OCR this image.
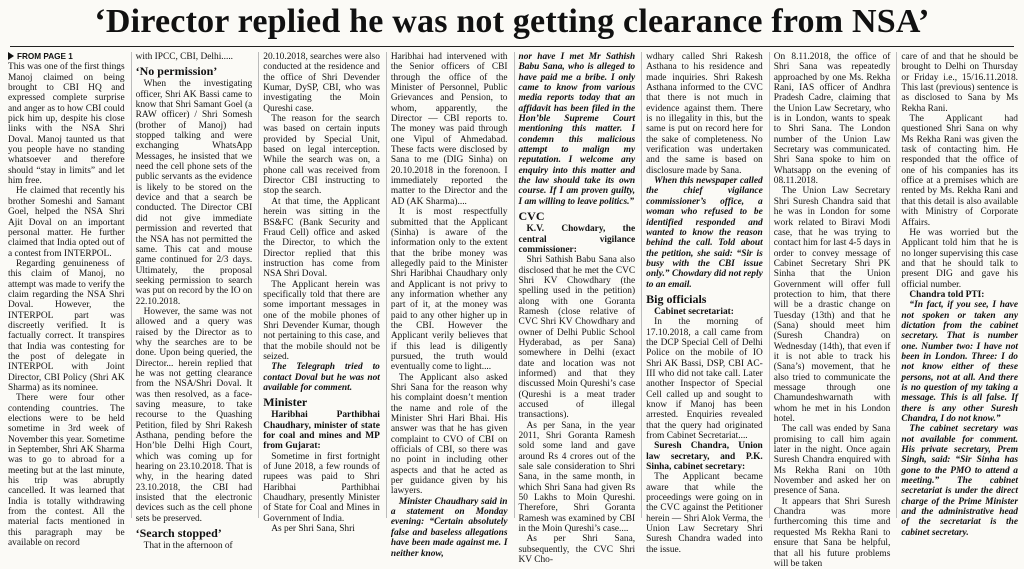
‘Director replied he was not getting clearance from NSA’

FROM PAGE 1

This was one of the first things Manoj claimed on being brought to CBI HQ and expressed complete surprise and anger as to how CBI could pick him up, despite his close links with the NSA Shri Doval. Manoj taunted us that you people have no standing whatsoever and therefore should “stay in limits” and let him free.

He claimed that recently his brother Someshi and Samant Goel, helped the NSA Shri Ajit Doval on an important personal matter. He further claimed that India opted out of a contest from INTERPOL.

Regarding genuineness of this claim of Manoj, no attempt was made to verify the claim regarding the NSA Shri Doval. However, the INTERPOL part was discreetly verified. It is factually correct. It transpires that India was contesting for the post of delegate in INTERPOL with Joint Director, CBI Policy (Shri AK Sharma) as its nominee.

There were four other contending countries. The elections were to be held sometime in 3rd week of November this year. Sometime in September, Shri AK Sharma was to go to abroad for a meeting but at the last minute, his trip was abruptly cancelled. It was learned that India is totally withdrawing from the contest. All the material facts mentioned in this paragraph may be available on record

with IPCC, CBI, Delhi.....

‘No permission’

When the investigating officer, Shri AK Bassi came to know that Shri Samant Goel (a RAW officer) / Shri Somesh (brother of Manoj) had stopped talking and were exchanging WhatsApp Messages, he insisted that we need the cell phone sets of the public servants as the evidence is likely to be stored on the device and that a search be conducted. The Director CBI did not give immediate permission and reverted that the NSA has not permitted the same. This cat and mouse game continued for 2/3 days. Ultimately, the proposal seeking permission to search was put on record by the IO on 22.10.2018.

However, the same was not allowed and a query was raised by the Director as to why the searches are to be done. Upon being queried, the Director... herein replied that he was not getting clearance from the NSA/Shri Doval. It was then resolved, as a face-saving measure, to take recourse to the Quashing Petition, filed by Shri Rakesh Asthana, pending before the Hon’ble Delhi High Court, which was coming up for hearing on 23.10.2018. That is why, in the hearing dated 23.10.2018, the CBI had insisted that the electronic devices such as the cell phone sets be preserved.

‘Search stopped’

That in the afternoon of

20.10.2018, searches were also conducted at the residence and the office of Shri Devender Kumar, DySP, CBI, who was investigating the Moin Qureshi case.

The reason for the search was based on certain inputs provided by Special Unit, based on legal interception. While the search was on, a phone call was received from Director CBI instructing to stop the search.

At that time, the Applicant herein was sitting in the BS&FC (Bank Security and Fraud Cell) office and asked the Director, to which the Director replied that this instruction has come from NSA Shri Doval.

The Applicant herein was specifically told that there are some important messages in one of the mobile phones of Shri Devender Kumar, though not pertaining to this case, and that the mobile should not be seized.

The Telegraph tried to contact Doval but he was not available for comment.

Minister

Haribhai Parthibhai Chaudhary, minister of state for coal and mines and MP from Gujarat:

Sometime in first fortnight of June 2018, a few rounds of rupees was paid to Shri Haribhai Parthibhai Chaudhary, presently Minister of State for Coal and Mines in Government of India.

As per Shri Sana, Shri

Haribhai had intervened with the Senior officers of CBI through the office of the Minister of Personnel, Public Grievances and Pension, to whom, apparently, the Director — CBI reports to. The money was paid through one Vipul of Ahmedabad. These facts were disclosed by Sana to me (DIG Sinha) on 20.10.2018 in the forenoon. I immediately reported the matter to the Director and the AD (AK Sharma)....

It is most respectfully submitted that the Applicant (Sinha) is aware of the information only to the extent that the bribe money was allegedly paid to the Minister Shri Haribhai Chaudhary only and Applicant is not privy to any information whether any part of it, at the money was paid to any other higher up in the CBI. However the Applicant verily believes that if this lead is diligently pursued, the truth would eventually come to light....

The Applicant also asked Shri Sana for the reason why his complaint doesn’t mention the name and role of the Minister Shri Hari Bhai. His answer was that he has given complaint to CVO of CBI on officials of CBI, so there was no point in including other aspects and that he acted as per guidance given by his lawyers.

Minister Chaudhary said in a statement on Monday evening: “Certain absolutely false and baseless allegations have been made against me. I neither know,

nor have I met Mr Sathish Babu Sana, who is alleged to have paid me a bribe. I only came to know from various media reports today that an affidavit has been filed in the Hon’ble Supreme Court mentioning this matter. I condemn this malicious attempt to malign my reputation. I welcome any enquiry into this matter and the law should take its own course. If I am proven guilty, I am willing to leave politics.”

CVC

K.V. Chowdary, the central vigilance commissioner:

Shri Sathish Babu Sana also disclosed that he met the CVC Shri KV Chowdhary (the spelling used in the petition) along with one Goranta Ramesh (close relative of CVC Shri KV Chowdhary and owner of Delhi Public School Hyderabad, as per Sana) somewhere in Delhi (exact date and location was not informed) and that they discussed Moin Qureshi’s case (Qureshi is a meat trader accused of illegal transactions).

As per Sana, in the year 2011, Shri Goranta Ramesh sold some land and gave around Rs 4 crores out of the sale sale consideration to Shri Sana, in the same month, in which Shri Sana had given Rs 50 Lakhs to Moin Qureshi. Therefore, Shri Goranta Ramesh was examined by CBI in the Moin Qureshi’s case....

As per Shri Sana, subsequently, the CVC Shri KV Cho-

wdhary called Shri Rakesh Asthana to his residence and made inquiries. Shri Rakesh Asthana informed to the CVC that there is not much in evidence against them. There is no illegality in this, but the same is put on record here for the sake of completeness. No verification was undertaken and the same is based on disclosure made by Sana.

When this newspaper called the chief vigilance commissioner’s office, a woman who refused to be identified responded and wanted to know the reason behind the call. Told about the petition, she said: “Sir is busy with the CBI issue only.” Chowdary did not reply to an email.

Big officials

Cabinet secretariat:

In the morning of 17.10.2018, a call came from the DCP Special Cell of Delhi Police on the mobile of IO Shri AK Bassi, DSP, CBI AC-III who did not take call. Later another Inspector of Special Cell called up and sought to know if Manoj has been arrested. Enquiries revealed that the query had originated from Cabinet Secretariat....

Suresh Chandra, Union law secretary, and P.K. Sinha, cabinet secretary:

The Applicant became aware that while the proceedings were going on in the CVC against the Petitioner herein — Shri Alok Verma, the Union Law Secretary Shri Suresh Chandra waded into the issue.

On 8.11.2018, the office of Shri Sana was repeatedly approached by one Ms. Rekha Rani, IAS officer of Andhra Pradesh Cadre, claiming that the Union Law Secretary, who is in London, wants to speak to Shri Sana. The London number of the Union Law Secretary was communicated. Shri Sana spoke to him on Whatsapp on the evening of 08.11.2018.

The Union Law Secretary Shri Suresh Chandra said that he was in London for some work related to Biravi Modi case, that he was trying to contact him for last 4-5 days in order to convey message of Cabinet Secretary Shri PK Sinha that the Union Government will offer full protection to him, that there will be a drastic change on Tuesday (13th) and that he (Sana) should meet him (Suresh Chandra) on Wednesday (14th), that even if it is not able to track his (Sana’s) movement, that he also tried to communicate the message through one Chamundeshwarnath with whom he met in his London hotel.

The call was ended by Sana promising to call him again later in the night. Once again Suresh Chandra enquired with Ms Rekha Rani on 10th November and asked her on presence of Sana.

It appears that Shri Suresh Chandra was more furthercoming this time and requested Ms Rekha Rani to ensure that Sana be helpful, that all his future problems will be taken

care of and that he should be brought to Delhi on Thursday or Friday i.e., 15/16.11.2018. This last (previous) sentence is as disclosed to Sana by Ms Rekha Rani.

The Applicant had questioned Shri Sana on why Ms Rekha Rani was given the task of contacting him. He responded that the office of one of his companies has its office at a premises which are rented by Ms. Rekha Rani and that this detail is also available with Ministry of Corporate Affairs.

He was worried but the Applicant told him that he is no longer supervising this case and that he should talk to present DIG and gave his official number.

Chandra told PTI:

“In fact, if you see, I have not spoken or taken any dictation from the cabinet secretary. That is number one. Number two: I have not been in London. Three: I do not know either of these persons, not at all. And there is no question of my taking a message. This is all false. If there is any other Suresh Chandra, I do not know.”

The cabinet secretary was not available for comment. His private secretary, Prem Singh, said: “Sir Sinha has gone to the PMO to attend a meeting.” The cabinet secretariat is under the direct charge of the Prime Minister and the administrative head of the secretariat is the cabinet secretary.
